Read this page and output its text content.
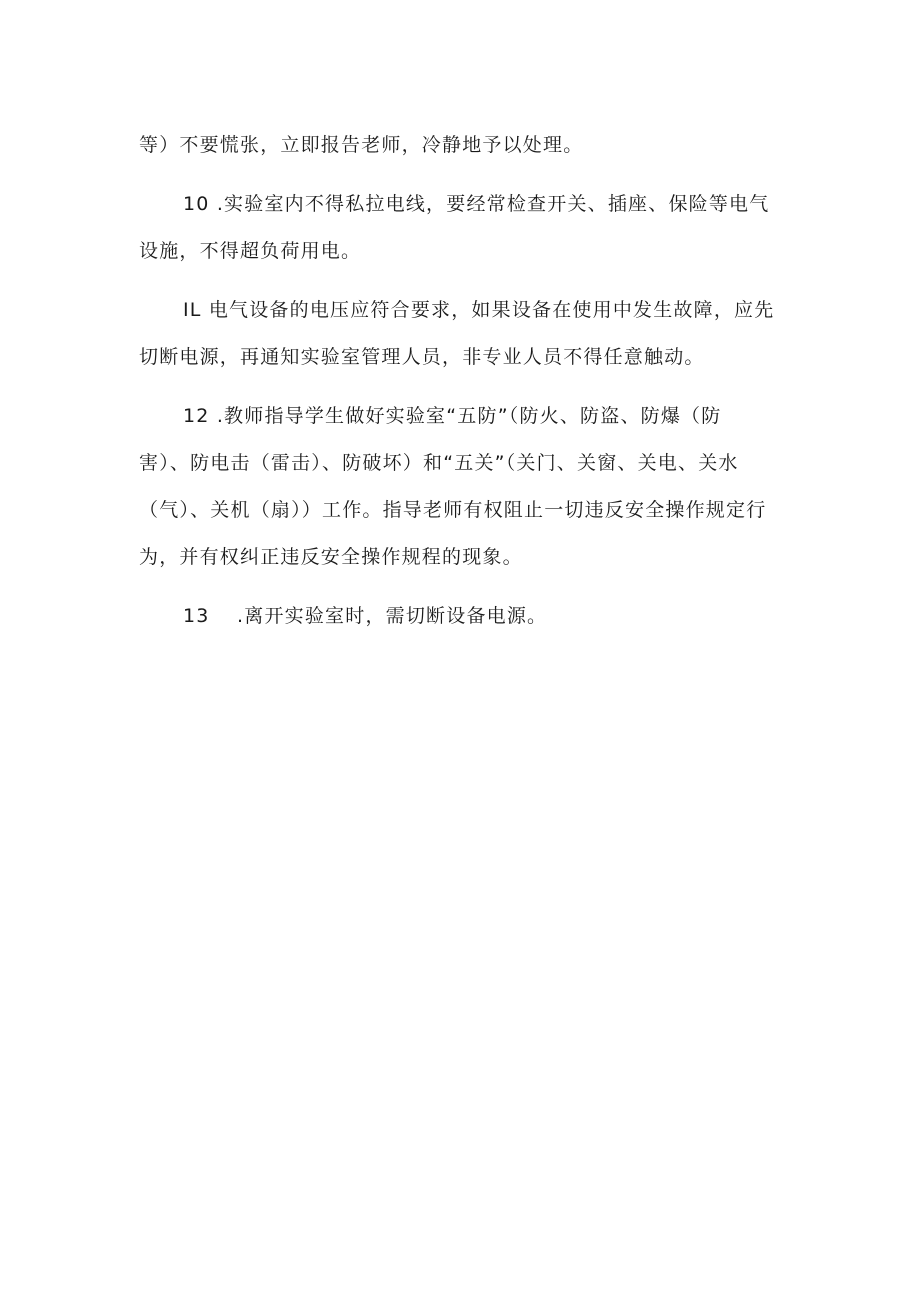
等）不要慌张，立即报告老师，冷静地予以处理。

10 .实验室内不得私拉电线，要经常检查开关、插座、保险等电气
设施，不得超负荷用电。

IL 电气设备的电压应符合要求，如果设备在使用中发生故障，应先
切断电源，再通知实验室管理人员，非专业人员不得任意触动。

12 .教师指导学生做好实验室“五防”（防火、防盗、防爆（防
害）、防电击（雷击）、防破坏）和“五关”（关门、关窗、关电、关水
（气）、关机（扇））工作。指导老师有权阻止一切违反安全操作规定行
为，并有权纠正违反安全操作规程的现象。

13　 .离开实验室时，需切断设备电源。
